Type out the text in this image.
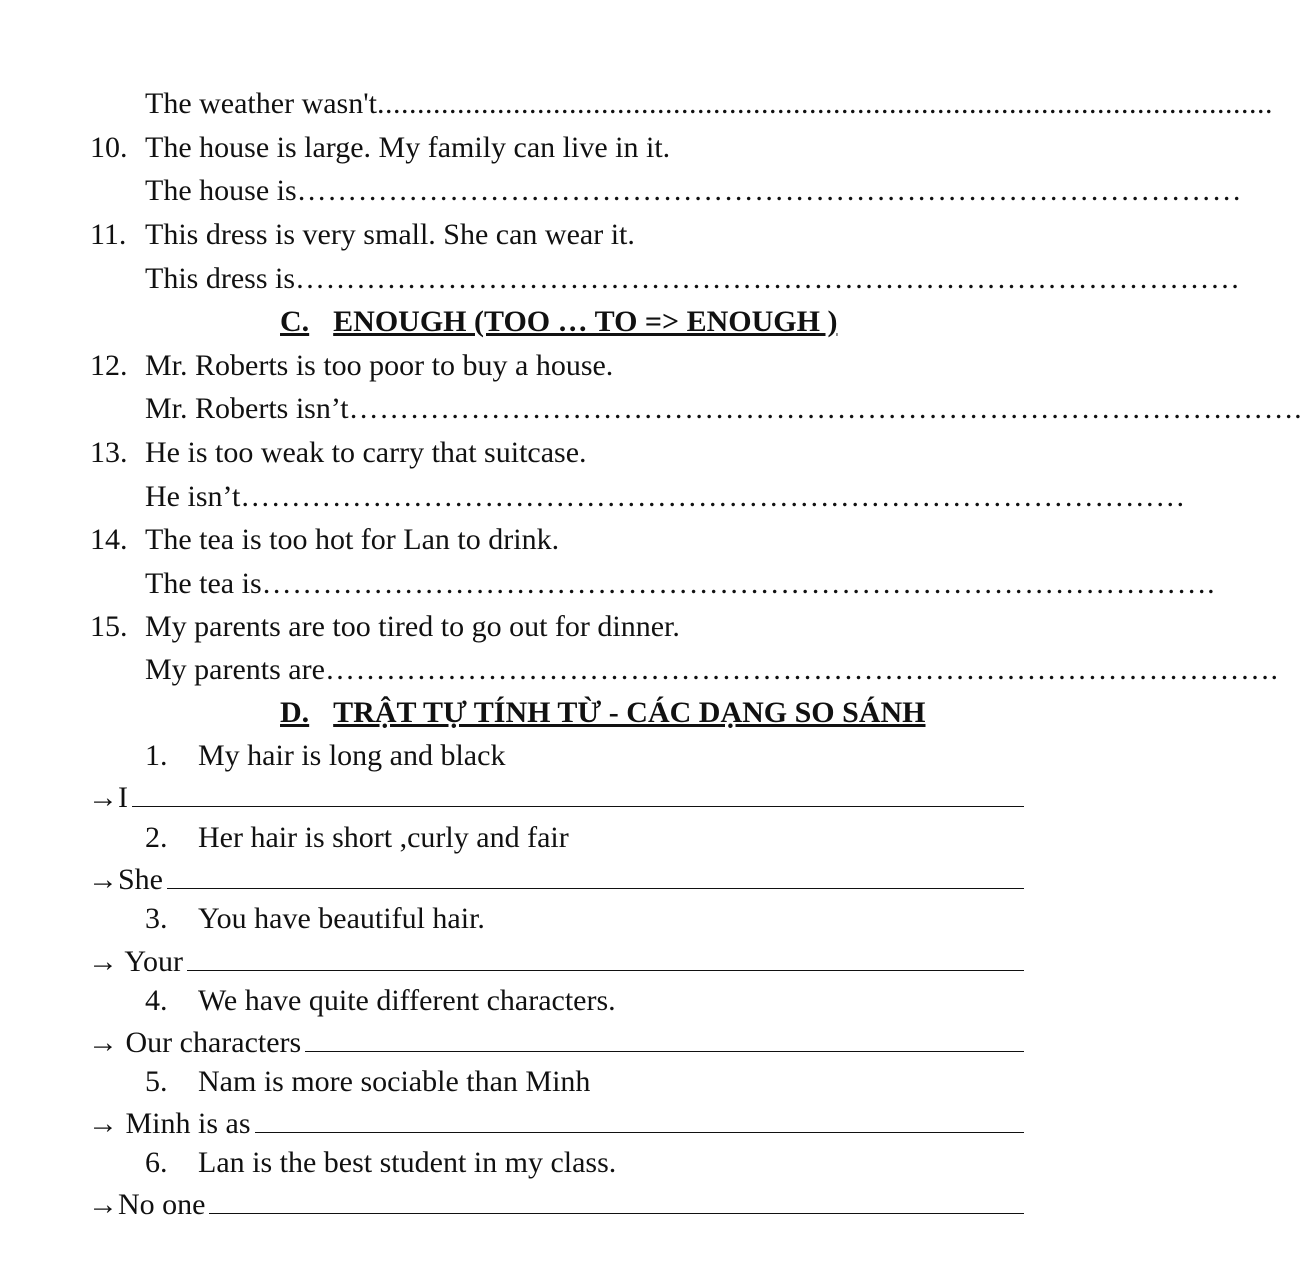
The weather wasn't ................................................................................................................
10. The house is large. My family can live in it.
The house is …………………………………………………………………………………
11. This dress is very small. She can wear it.
This dress is …………………………………………………………………………………
C. ENOUGH (TOO … TO => ENOUGH )
12. Mr. Roberts is too poor to buy a house.
Mr. Roberts isn’t ………………………………………………………………………………….
13. He is too weak to carry that suitcase.
He isn’t …………………………………………………………………………………
14. The tea is too hot for Lan to drink.
The tea is ………………………………………………………………………………….
15. My parents are too tired to go out for dinner.
My parents are ………………………………………………………………………………….
D. TRẬT TỰ TÍNH TỪ - CÁC DẠNG SO SÁNH
1. My hair is long and black
→I
2. Her hair is short ,curly and fair
→She
3. You have beautiful hair.
→ Your
4. We have quite different characters.
→ Our characters
5. Nam is more sociable than Minh
→ Minh is as
6. Lan is the best student in my class.
→No one
